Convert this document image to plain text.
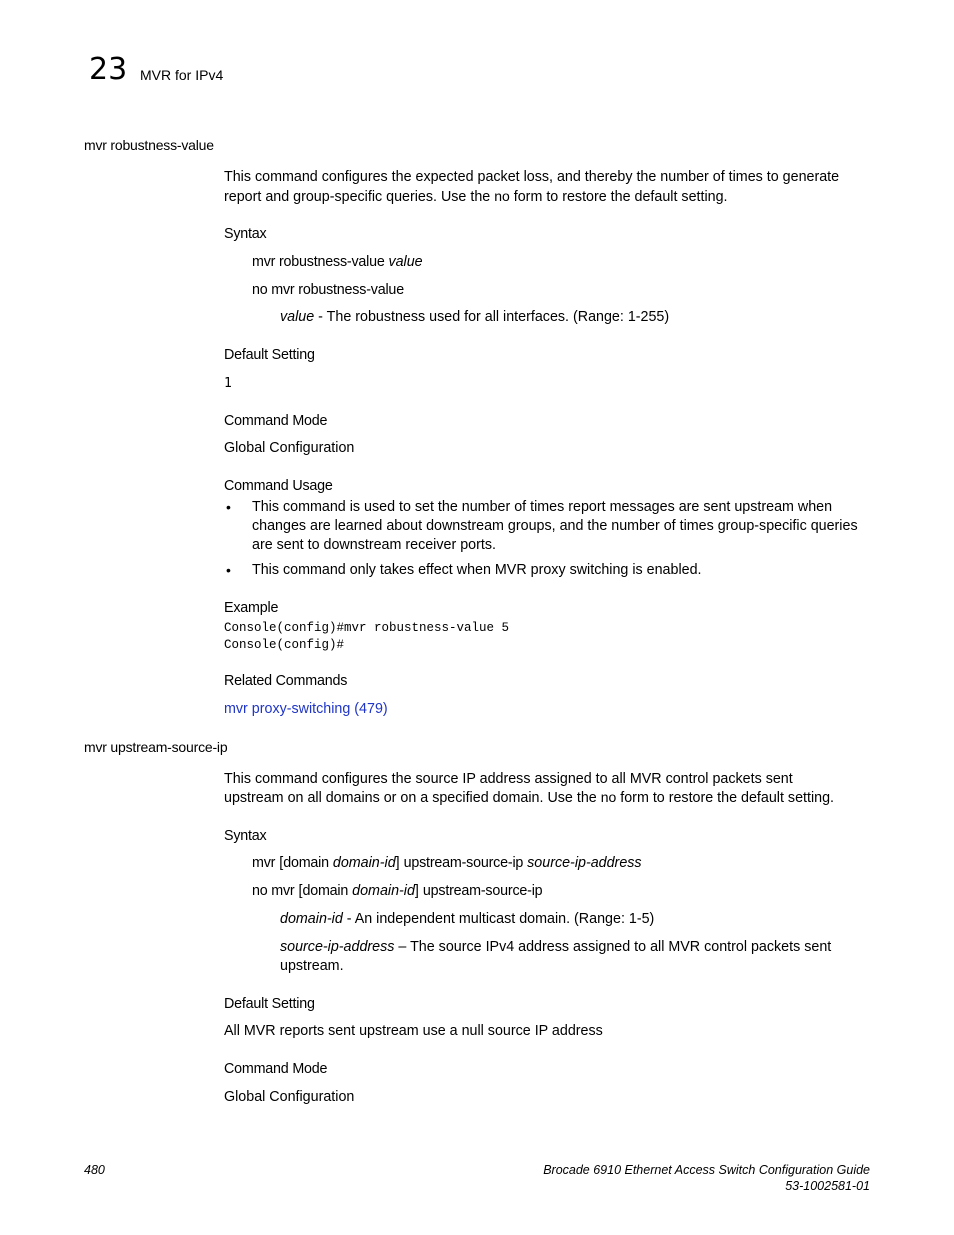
23 MVR for IPv4
mvr robustness-value
This command configures the expected packet loss, and thereby the number of times to generate
report and group-specific queries. Use the no form to restore the default setting.
Syntax
mvr robustness-value value
no mvr robustness-value
value - The robustness used for all interfaces. (Range: 1-255)
Default Setting
1
Command Mode
Global Configuration
Command Usage
• This command is used to set the number of times report messages are sent upstream when changes are learned about downstream groups, and the number of times group-specific queries are sent to downstream receiver ports.
• This command only takes effect when MVR proxy switching is enabled.
Example
Console(config)#mvr robustness-value 5
Console(config)#
Related Commands
mvr proxy-switching (479)
mvr upstream-source-ip
This command configures the source IP address assigned to all MVR control packets sent
upstream on all domains or on a specified domain. Use the no form to restore the default setting.
Syntax
mvr [domain domain-id] upstream-source-ip source-ip-address
no mvr [domain domain-id] upstream-source-ip
domain-id - An independent multicast domain. (Range: 1-5)
source-ip-address – The source IPv4 address assigned to all MVR control packets sent
upstream.
Default Setting
All MVR reports sent upstream use a null source IP address
Command Mode
Global Configuration
480	Brocade 6910 Ethernet Access Switch Configuration Guide
53-1002581-01
